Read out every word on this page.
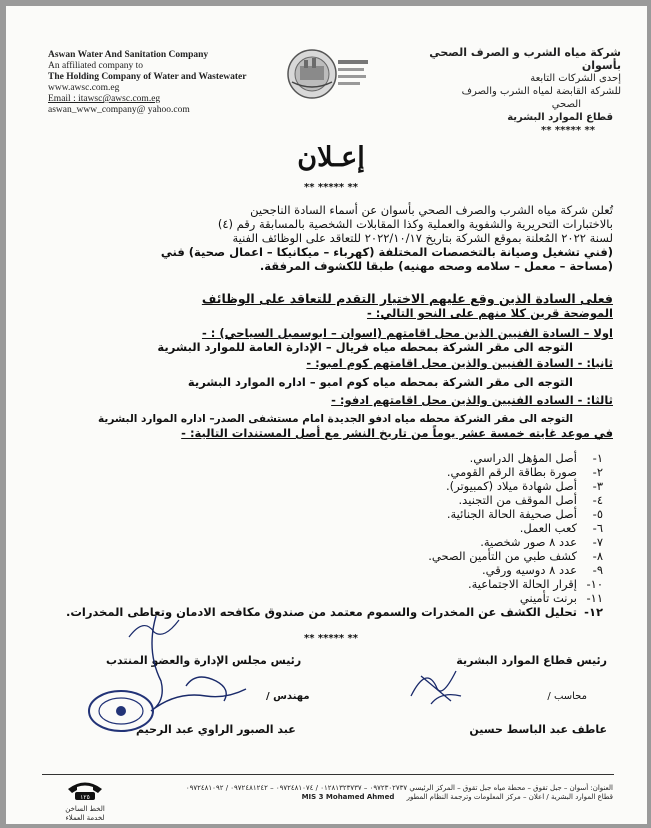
Aswan Water And Sanitation Company
An affiliated company to
The Holding Company of Water and Wastewater
www.awsc.com.eg
Email : itawsc@awsc.com.eg
aswan_www_company@ yahoo.com
شركة مياه الشرب و الصرف الصحي بأسوان
إحدى الشركات التابعة
للشركة القابضة لمياه الشرب والصرف
الصحي
قطاع الموارد البشرية
** ***** **
إعـلان
** ***** **
تُعلن شركة مياه الشرب والصرف الصحي بأسوان عن أسماء السادة الناجحين
بالاختبارات التحريرية والشفوية والعملية وكذا المقابلات الشخصية بالمسابقة رقم (٤)
لسنة ٢٠٢٢ المُعلنة بموقع الشركة بتاريخ ٢٠٢٢/١٠/١٧ للتعاقد على الوظائف الفنية
(فني تشغيل وصيانة بالتخصصات المختلفة (كهرباء – ميكانيكا – اعمال صحية) فني
(مساحة – معمل – سلامه وصحه مهنيه) طبقا للكشوف المرفقة.
فعلى السادة الذين وقع عليهم الاختيار التقدم للتعاقد على الوظائف
الموضحة قرين كلا منهم على النحو التالي: -
اولا – السادة الفنيين الذين محل اقامتهم (اسوان – ابوسمبل السياحي) : -
التوجه الى مقر الشركة بمحطه مياه فريال – الإدارة العامة للموارد البشرية
ثانيا: - السادة الفنيين والذين محل اقامتهم كوم امبو: -
التوجه الى مقر الشركة بمحطه مياه كوم امبو – اداره الموارد البشرية
ثالثا: - الساده الفنيين والذين محل اقامتهم ادفو: -
التوجه الى مقر الشركة محطه مياه ادفو الجديدة امام مستشفى الصدر– اداره الموارد البشرية
في موعد غايته خمسة عشر يوماً من تاريخ النشر مع أصل المستندات التالية: -
١-أصل المؤهل الدراسي.
٢-صورة بطاقة الرقم القومي.
٣-أصل شهادة ميلاد (كمبيوتر).
٤-أصل الموقف من التجنيد.
٥-أصل صحيفة الحالة الجنائية.
٦-كعب العمل.
٧-عدد ٨ صور شخصية.
٨-كشف طبي من التأمين الصحي.
٩-عدد ٨ دوسيه ورقي.
١٠-إقرار الحالة الاجتماعية.
١١-برنت تأميني
١٢-تحليل الكشف عن المخدرات والسموم معتمد من صندوق مكافحه الادمان وتعاطى المخدرات.
** ***** **
رئيس قطاع الموارد البشرية
محاسب /
عاطف عبد الباسط حسين
رئيس مجلس الإدارة والعضو المنتدب
مهندس /
عبد الصبور الراوي عبد الرحيم
العنوان: أسوان – جبل تقوق – محطة مياه جبل تقوق – المركز الرئيسي ٠٩٧٢٣٠٢٧٣٧ – ٠١٢٨١٣٢٣٧٣٧ / ٠٩٧٢٤٨١٠٧٤ – ٠٩٧٢٤٨١٢٤٢ / ٠٩٧٢٤٨١٠٩٢
قطاع الموارد البشرية / اعلان – مركز المعلومات وترجمة النظام المطور MIS 3 Mohamed Ahmed
١٢٥
الخط الساخن
لخدمة العملاء
